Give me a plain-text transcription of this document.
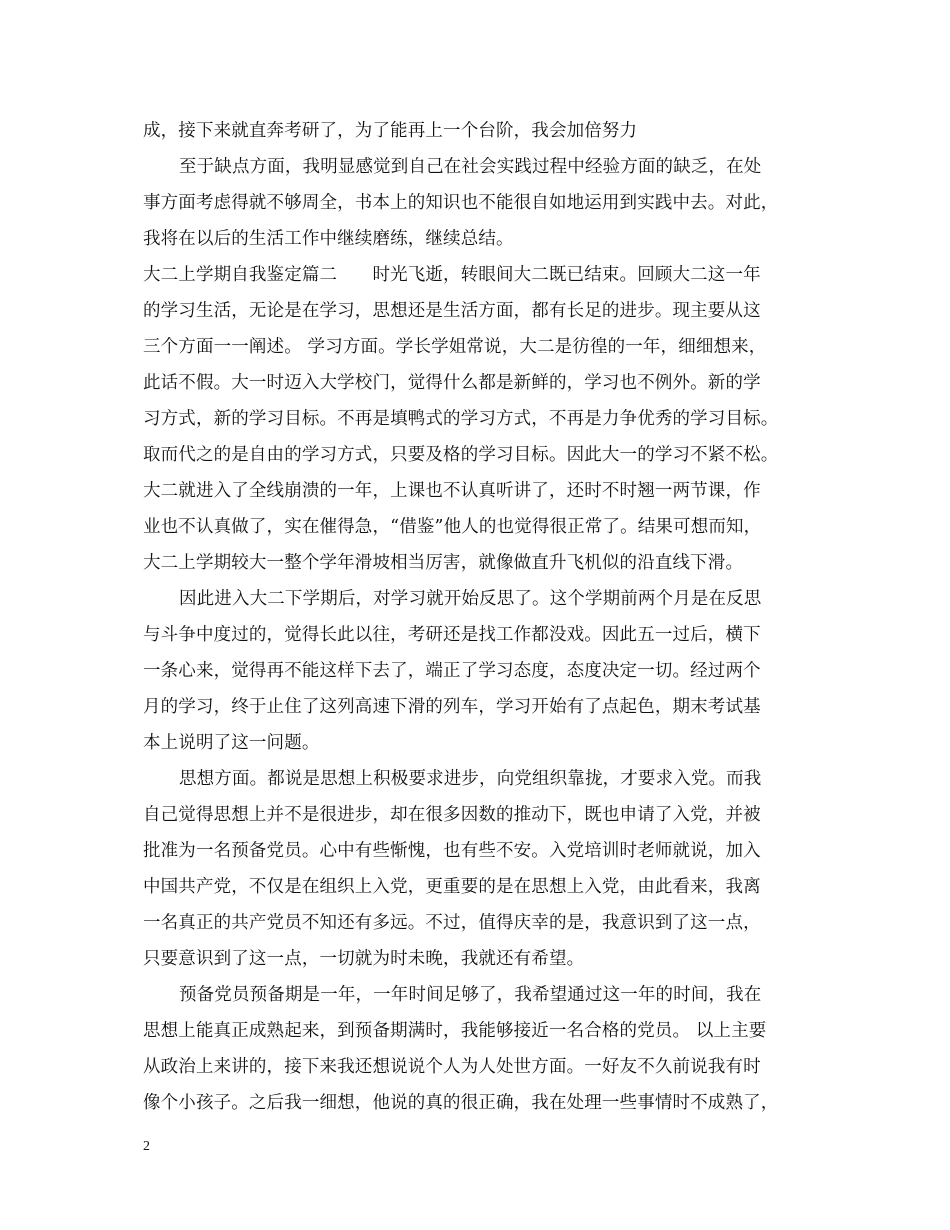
成，接下来就直奔考研了，为了能再上一个台阶，我会加倍努力
至于缺点方面，我明显感觉到自己在社会实践过程中经验方面的缺乏，在处
事方面考虑得就不够周全，书本上的知识也不能很自如地运用到实践中去。对此，
我将在以后的生活工作中继续磨练，继续总结。
大二上学期自我鉴定篇二　　时光飞逝，转眼间大二既已结束。回顾大二这一年
的学习生活，无论是在学习，思想还是生活方面，都有长足的进步。现主要从这
三个方面一一阐述。 学习方面。学长学姐常说，大二是彷徨的一年，细细想来，
此话不假。大一时迈入大学校门，觉得什么都是新鲜的，学习也不例外。新的学
习方式，新的学习目标。不再是填鸭式的学习方式，不再是力争优秀的学习目标。
取而代之的是自由的学习方式，只要及格的学习目标。因此大一的学习不紧不松。
大二就进入了全线崩溃的一年，上课也不认真听讲了，还时不时翘一两节课，作
业也不认真做了，实在催得急，“借鉴”他人的也觉得很正常了。结果可想而知，
大二上学期较大一整个学年滑坡相当厉害，就像做直升飞机似的沿直线下滑。
因此进入大二下学期后，对学习就开始反思了。这个学期前两个月是在反思
与斗争中度过的，觉得长此以往，考研还是找工作都没戏。因此五一过后，横下
一条心来，觉得再不能这样下去了，端正了学习态度，态度决定一切。经过两个
月的学习，终于止住了这列高速下滑的列车，学习开始有了点起色，期末考试基
本上说明了这一问题。
思想方面。都说是思想上积极要求进步，向党组织靠拢，才要求入党。而我
自己觉得思想上并不是很进步，却在很多因数的推动下，既也申请了入党，并被
批准为一名预备党员。心中有些惭愧，也有些不安。入党培训时老师就说，加入
中国共产党，不仅是在组织上入党，更重要的是在思想上入党，由此看来，我离
一名真正的共产党员不知还有多远。不过，值得庆幸的是，我意识到了这一点，
只要意识到了这一点，一切就为时未晚，我就还有希望。
预备党员预备期是一年，一年时间足够了，我希望通过这一年的时间，我在
思想上能真正成熟起来，到预备期满时，我能够接近一名合格的党员。 以上主要
从政治上来讲的，接下来我还想说说个人为人处世方面。一好友不久前说我有时
像个小孩子。之后我一细想，他说的真的很正确，我在处理一些事情时不成熟了，
2
